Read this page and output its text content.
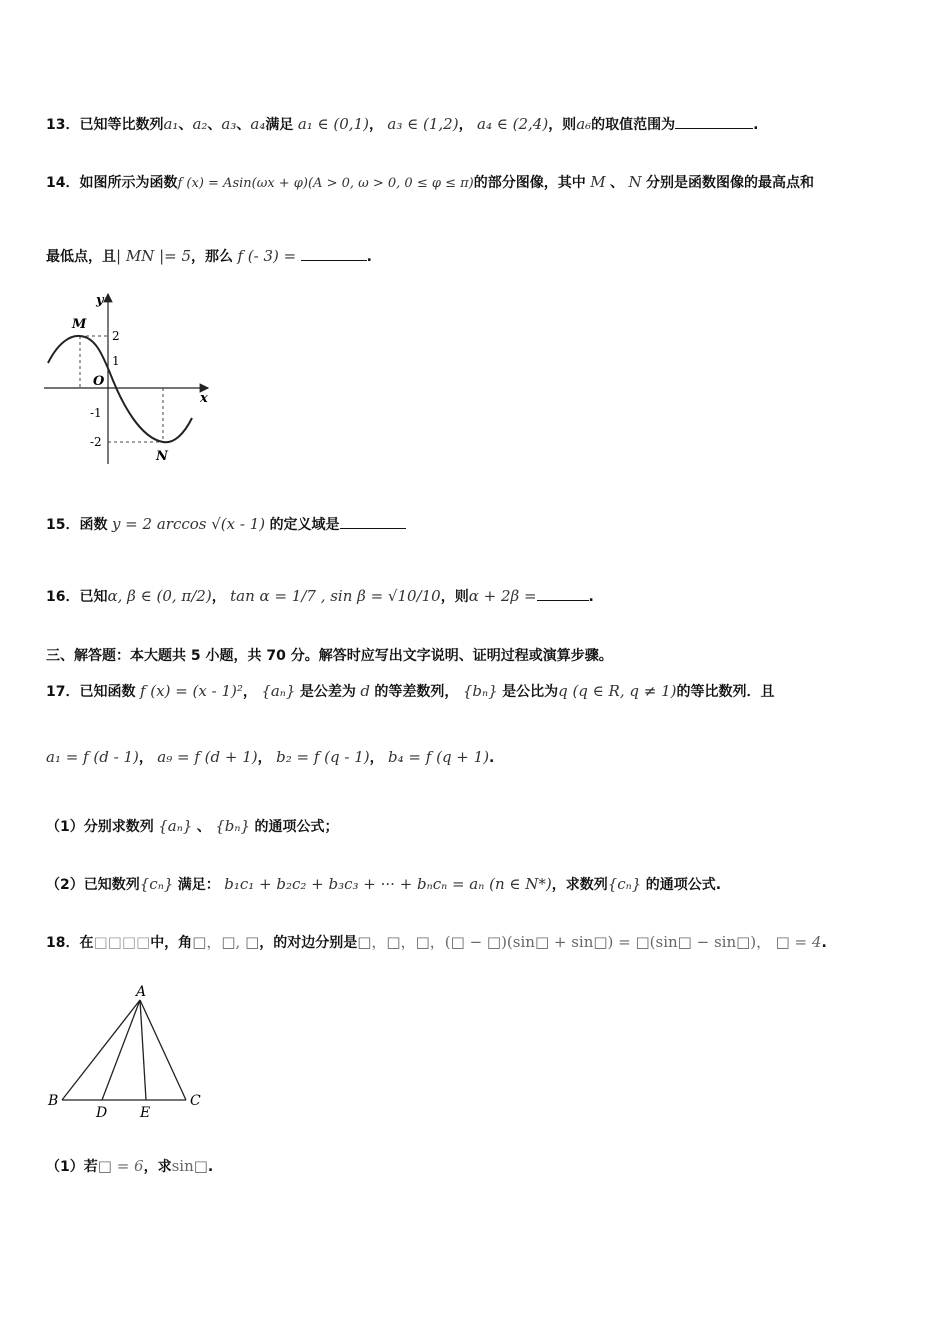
13．已知等比数列a₁、a₂、a₃、a₄满足 a₁ ∈ (0,1)， a₃ ∈ (1,2)， a₄ ∈ (2,4)，则a₆的取值范围为	.
14．如图所示为函数f (x) = Asin(ωx + φ)(A > 0, ω > 0, 0 ≤ φ ≤ π)的部分图像，其中 M 、 N 分别是函数图像的最高点和
最低点，且| MN |= 5，那么 f (- 3) =	.
y
x
O
M
N
2
1
-1
-2
15．函数 y = 2 arccos √(x - 1) 的定义域是
16．已知α, β ∈ (0, π/2)， tan α = 1/7 , sin β = √10/10，则α + 2β =	.
三、解答题：本大题共 5 小题，共 70 分。解答时应写出文字说明、证明过程或演算步骤。
17．已知函数 f (x) = (x - 1)²， {aₙ} 是公差为 d 的等差数列， {bₙ} 是公比为q (q ∈ R, q ≠ 1)的等比数列．且
a₁ = f (d - 1)， a₉ = f (d + 1)， b₂ = f (q - 1)， b₄ = f (q + 1).
（1）分别求数列 {aₙ} 、 {bₙ} 的通项公式；
（2）已知数列{cₙ} 满足： b₁c₁ + b₂c₂ + b₃c₃ + ··· + bₙcₙ = aₙ (n ∈ N*)，求数列{cₙ} 的通项公式.
18．在□□□□中，角□，□, □，的对边分别是□，□，□，(□ − □)(sin□ + sin□) = □(sin□ − sin□)， □ = 4.
A
B	C
D E
（1）若□ = 6，求sin□.
